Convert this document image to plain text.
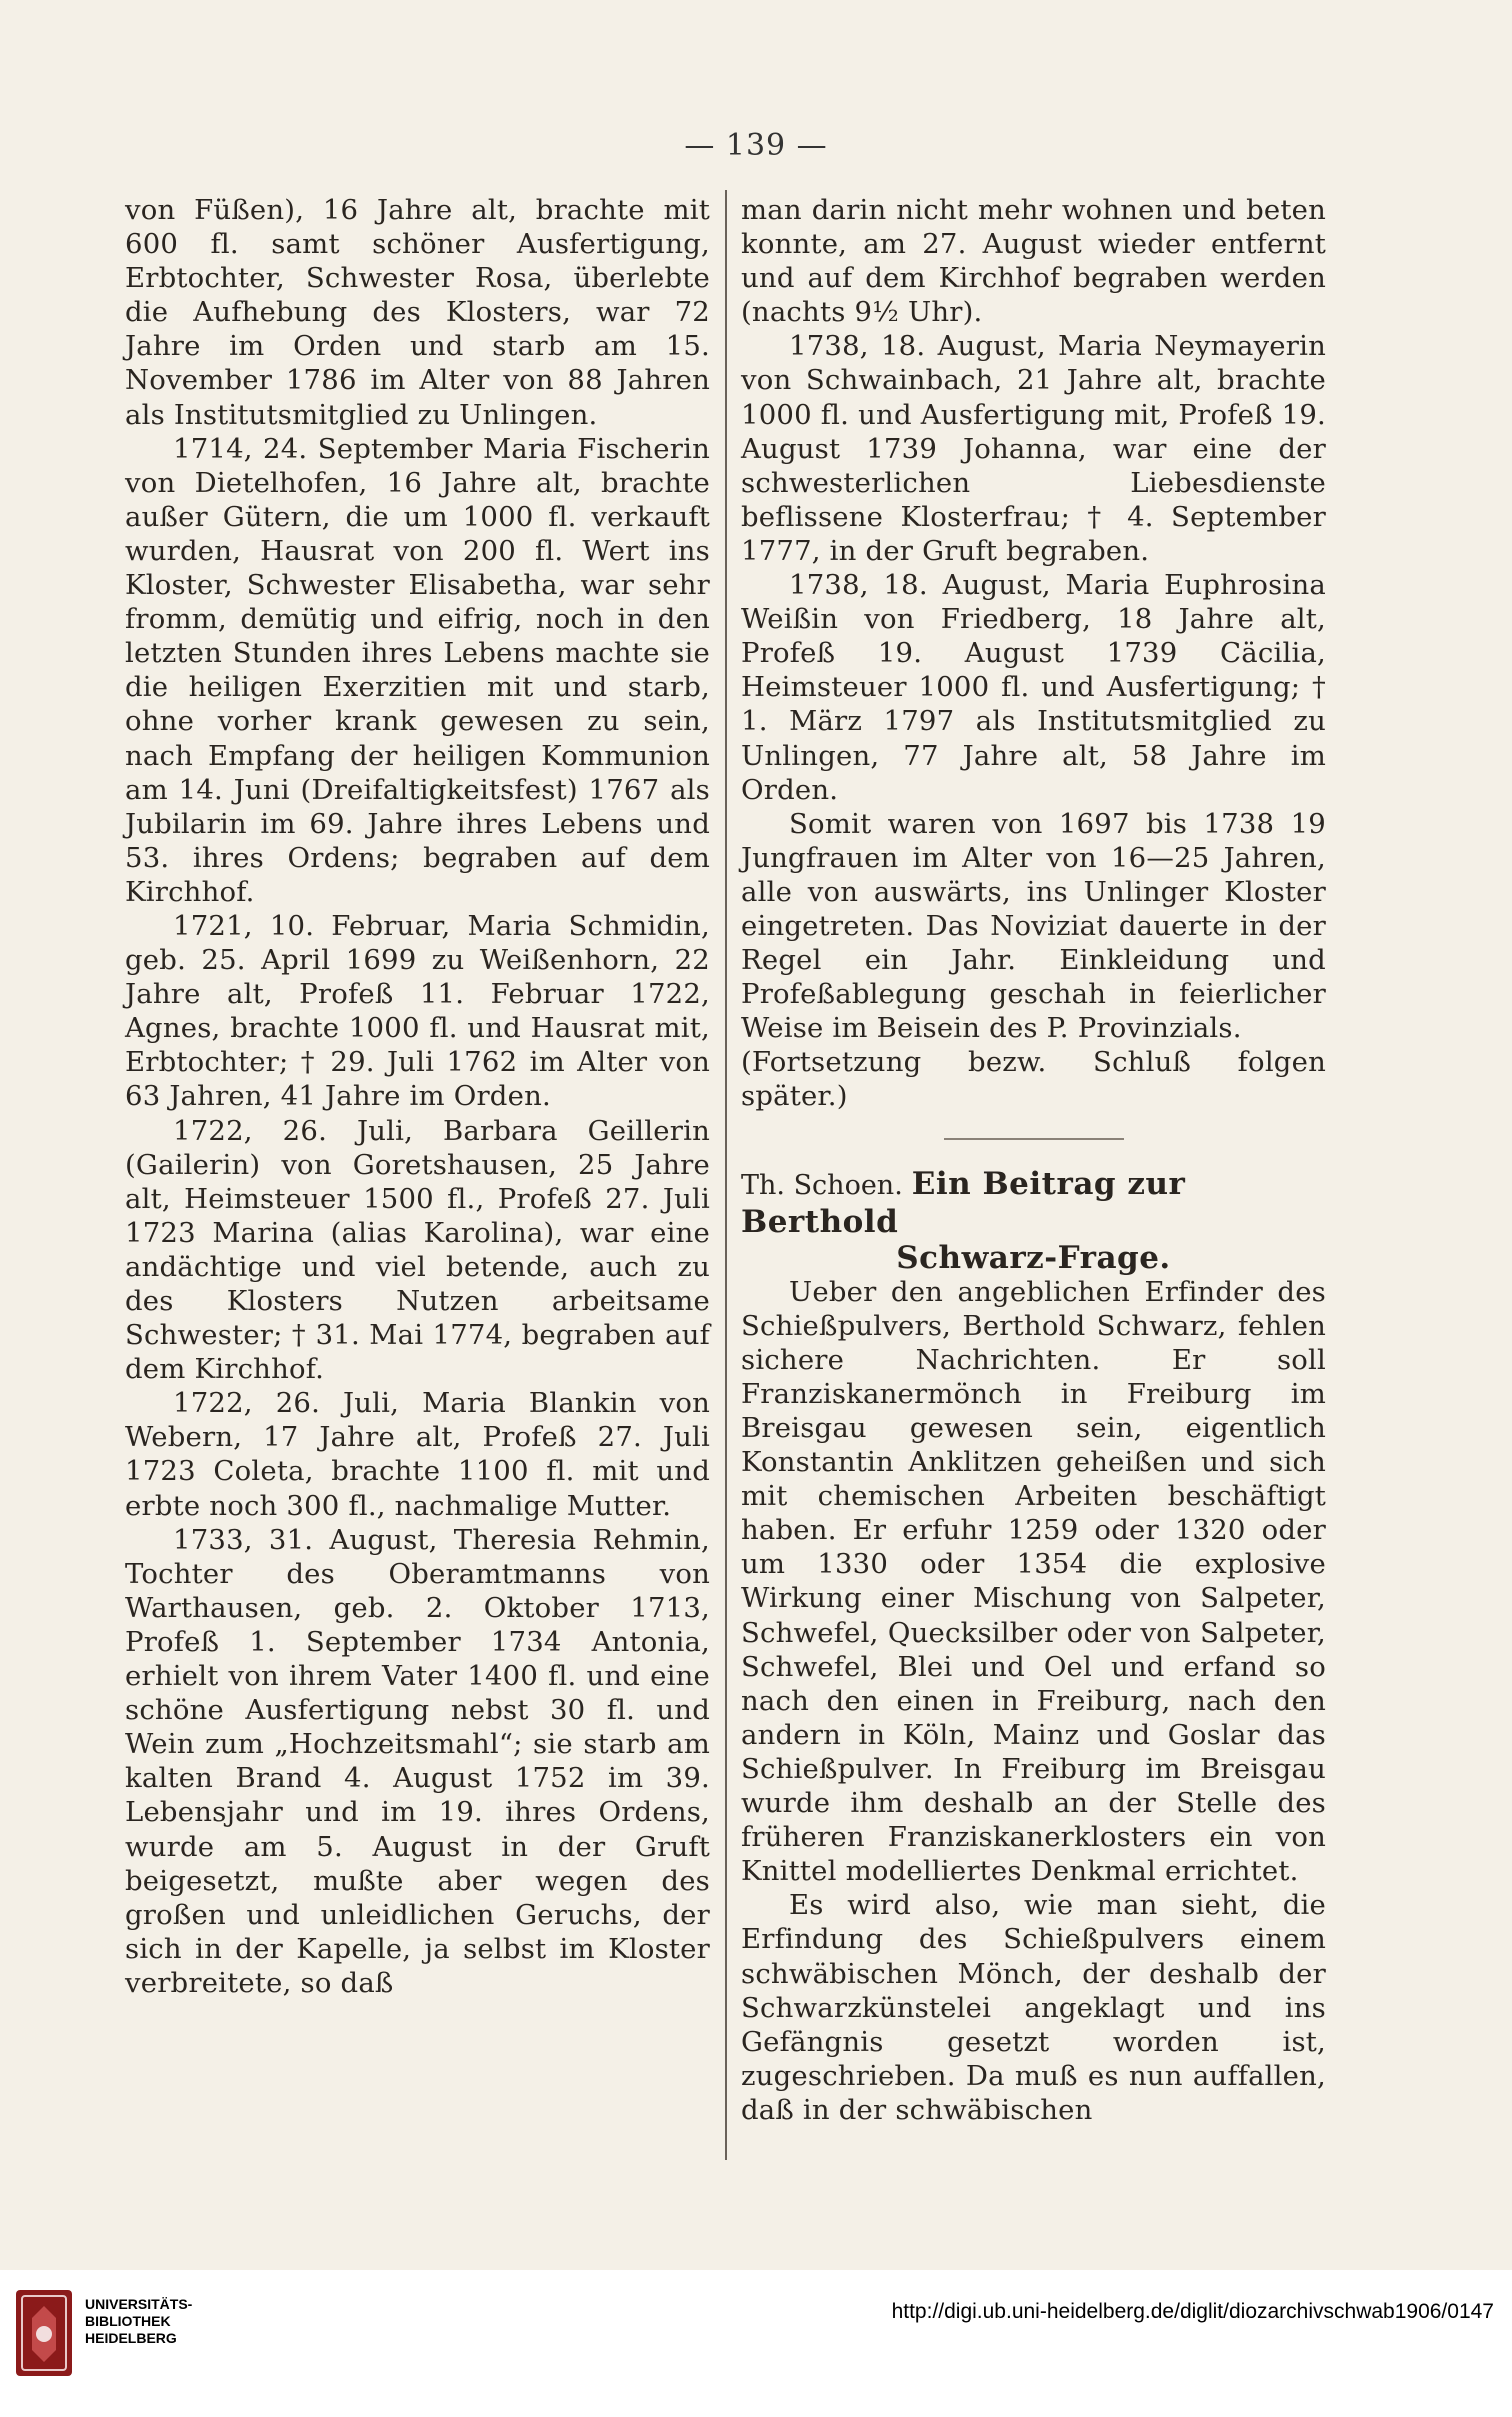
— 139 —

von Füßen), 16 Jahre alt, brachte mit 600 fl. samt schöner Ausfertigung, Erbtochter, Schwester Rosa, überlebte die Aufhebung des Klosters, war 72 Jahre im Orden und starb am 15. November 1786 im Alter von 88 Jahren als Institutsmitglied zu Unlingen.

1714, 24. September Maria Fischerin von Dietelhofen, 16 Jahre alt, brachte außer Gütern, die um 1000 fl. verkauft wurden, Hausrat von 200 fl. Wert ins Kloster, Schwester Elisabetha, war sehr fromm, demütig und eifrig, noch in den letzten Stunden ihres Lebens machte sie die heiligen Exerzitien mit und starb, ohne vorher krank gewesen zu sein, nach Empfang der heiligen Kommunion am 14. Juni (Dreifaltigkeitsfest) 1767 als Jubilarin im 69. Jahre ihres Lebens und 53. ihres Ordens; begraben auf dem Kirchhof.

1721, 10. Februar, Maria Schmidin, geb. 25. April 1699 zu Weißenhorn, 22 Jahre alt, Profeß 11. Februar 1722, Agnes, brachte 1000 fl. und Hausrat mit, Erbtochter; † 29. Juli 1762 im Alter von 63 Jahren, 41 Jahre im Orden.

1722, 26. Juli, Barbara Geillerin (Gailerin) von Goretshausen, 25 Jahre alt, Heimsteuer 1500 fl., Profeß 27. Juli 1723 Marina (alias Karolina), war eine andächtige und viel betende, auch zu des Klosters Nutzen arbeitsame Schwester; † 31. Mai 1774, begraben auf dem Kirchhof.

1722, 26. Juli, Maria Blankin von Webern, 17 Jahre alt, Profeß 27. Juli 1723 Coleta, brachte 1100 fl. mit und erbte noch 300 fl., nachmalige Mutter.

1733, 31. August, Theresia Rehmin, Tochter des Oberamtmanns von Warthausen, geb. 2. Oktober 1713, Profeß 1. September 1734 Antonia, erhielt von ihrem Vater 1400 fl. und eine schöne Ausfertigung nebst 30 fl. und Wein zum „Hochzeitsmahl“; sie starb am kalten Brand 4. August 1752 im 39. Lebensjahr und im 19. ihres Ordens, wurde am 5. August in der Gruft beigesetzt, mußte aber wegen des großen und unleidlichen Geruchs, der sich in der Kapelle, ja selbst im Kloster verbreitete, so daß

man darin nicht mehr wohnen und beten konnte, am 27. August wieder entfernt und auf dem Kirchhof begraben werden (nachts 9½ Uhr).

1738, 18. August, Maria Neymayerin von Schwainbach, 21 Jahre alt, brachte 1000 fl. und Ausfertigung mit, Profeß 19. August 1739 Johanna, war eine der schwesterlichen Liebesdienste beflissene Klosterfrau; † 4. September 1777, in der Gruft begraben.

1738, 18. August, Maria Euphrosina Weißin von Friedberg, 18 Jahre alt, Profeß 19. August 1739 Cäcilia, Heimsteuer 1000 fl. und Ausfertigung; † 1. März 1797 als Institutsmitglied zu Unlingen, 77 Jahre alt, 58 Jahre im Orden.

Somit waren von 1697 bis 1738 19 Jungfrauen im Alter von 16—25 Jahren, alle von auswärts, ins Unlinger Kloster eingetreten. Das Noviziat dauerte in der Regel ein Jahr. Einkleidung und Profeßablegung geschah in feierlicher Weise im Beisein des P. Provinzials.

(Fortsetzung bezw. Schluß folgen später.)

Th. Schoen. Ein Beitrag zur Berthold

Schwarz-Frage.

Ueber den angeblichen Erfinder des Schießpulvers, Berthold Schwarz, fehlen sichere Nachrichten. Er soll Franziskanermönch in Freiburg im Breisgau gewesen sein, eigentlich Konstantin Anklitzen geheißen und sich mit chemischen Arbeiten beschäftigt haben. Er erfuhr 1259 oder 1320 oder um 1330 oder 1354 die explosive Wirkung einer Mischung von Salpeter, Schwefel, Quecksilber oder von Salpeter, Schwefel, Blei und Oel und erfand so nach den einen in Freiburg, nach den andern in Köln, Mainz und Goslar das Schießpulver. In Freiburg im Breisgau wurde ihm deshalb an der Stelle des früheren Franziskanerklosters ein von Knittel modelliertes Denkmal errichtet.

Es wird also, wie man sieht, die Erfindung des Schießpulvers einem schwäbischen Mönch, der deshalb der Schwarzkünstelei angeklagt und ins Gefängnis gesetzt worden ist, zugeschrieben. Da muß es nun auffallen, daß in der schwäbischen

UNIVERSITÄTS-
BIBLIOTHEK
HEIDELBERG
http://digi.ub.uni-heidelberg.de/diglit/diozarchivschwab1906/0147
